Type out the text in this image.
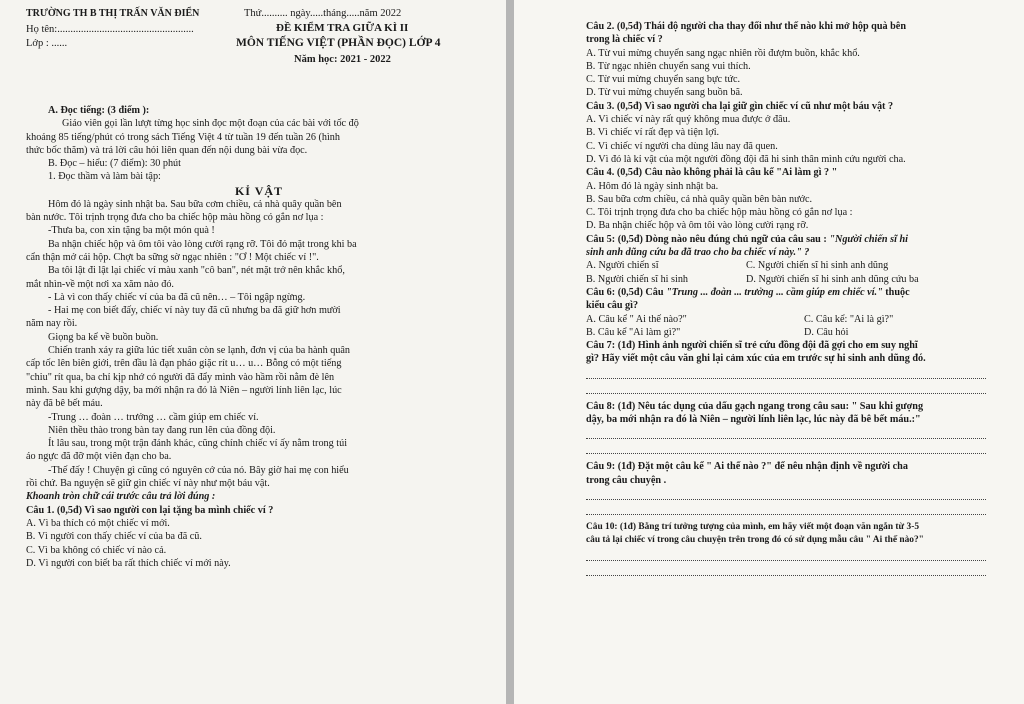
TRƯỜNG TH B THỊ TRẤN VĂN ĐIỂN	Thứ.......... ngày.....tháng.....năm 2022
Họ tên:....................................................
Lớp : ......
ĐỀ KIỂM TRA GIỮA KÌ II
MÔN TIẾNG VIỆT (PHẦN ĐỌC) LỚP 4
Năm học: 2021 - 2022
A. Đọc tiếng: (3 điểm ):
Giáo viên gọi lần lượt từng học sinh đọc một đoạn của các bài với tốc độ
khoảng 85 tiếng/phút có trong sách Tiếng Việt 4 từ tuần 19 đến tuần 26 (hình
thức bốc thăm) và trả lời câu hỏi liên quan đến nội dung bài vừa đọc.
B. Đọc – hiểu: (7 điểm): 30 phút
1. Đọc thầm và làm bài tập:
KỈ VẬT
Hôm đó là ngày sinh nhật ba. Sau bữa cơm chiều, cả nhà quây quần bên
bàn nước. Tôi trịnh trọng đưa cho ba chiếc hộp màu hồng có gắn nơ lụa :
-Thưa ba, con xin tặng ba một món quà !
Ba nhận chiếc hộp và ôm tôi vào lòng cười rạng rỡ. Tôi đỏ mặt trong khi ba
cẩn thận mở cái hộp. Chợt ba sững sờ ngạc nhiên : "Ơ ! Một chiếc ví !".
Ba tôi lật đi lật lại chiếc ví màu xanh "cô ban", nét mặt trở nên khắc khổ,
mắt nhìn-về một nơi xa xăm nào đó.
- Là vì con thấy chiếc ví của ba đã cũ nên… – Tôi ngập ngừng.
- Hai mẹ con biết đấy, chiếc ví này tuy đã cũ nhưng ba đã giữ hơn mười
năm nay rồi.
Giọng ba kể về buồn buồn.
Chiến tranh xảy ra giữa lúc tiết xuân còn se lạnh, đơn vị của ba hành quân
cấp tốc lên biên giới, trên đầu là đạn pháo giặc rít u… u… Bỗng có một tiếng
"chiu" rít qua, ba chỉ kịp nhớ có người đã đẩy mình vào hầm rồi nằm đè lên
mình. Sau khi gượng dậy, ba mới nhận ra đó là Niên – người lính liên lạc, lúc
này đã bê bết máu.
-Trung … đoàn … trưởng … cầm giúp em chiếc ví.
Niên thều thào trong bàn tay đang run lên của đồng đội.
Ít lâu sau, trong một trận đánh khác, cũng chính chiếc ví ấy nằm trong túi
áo ngực đã đỡ một viên đạn cho ba.
-Thế đấy ! Chuyện gì cũng có nguyên cớ của nó. Bây giờ hai mẹ con hiểu
rồi chứ. Ba nguyện sẽ giữ gìn chiếc ví này như một báu vật.
Khoanh tròn chữ cái trước câu trả lời đúng :
Câu 1. (0,5đ) Vì sao người con lại tặng ba mình chiếc ví ?
A. Vì ba thích có một chiếc ví mới.
B. Vì người con thấy chiếc ví của ba đã cũ.
C. Vì ba không có chiếc ví nào cả.
D. Vì người con biết ba rất thích chiếc ví mới này.
Câu 2. (0,5đ) Thái độ người cha thay đổi như thế nào khi mở hộp quà bên
trong là chiếc ví ?
A. Từ vui mừng chuyển sang ngạc nhiên rồi đượm buồn, khắc khổ.
B. Từ ngạc nhiên chuyển sang vui thích.
C. Từ vui mừng chuyển sang bực tức.
D. Từ vui mừng chuyển sang buồn bã.
Câu 3. (0,5đ) Vì sao người cha lại giữ gìn chiếc ví cũ như một báu vật ?
A. Vì chiếc ví này rất quý không mua được ở đâu.
B. Vì chiếc ví rất đẹp và tiện lợi.
C. Vì chiếc ví người cha dùng lâu nay đã quen.
D. Vì đó là kỉ vật của một người đồng đội đã hi sinh thân mình cứu người cha.
Câu 4. (0,5đ) Câu nào không phải là câu kể "Ai làm gì ? "
A. Hôm đó là ngày sinh nhật ba.
B. Sau bữa cơm chiều, cả nhà quây quần bên bàn nước.
C. Tôi trịnh trọng đưa cho ba chiếc hộp màu hồng có gắn nơ lụa :
D. Ba nhận chiếc hộp và ôm tôi vào lòng cười rạng rỡ.
Câu 5: (0,5đ) Dòng nào nêu đúng chủ ngữ của câu sau : "Người chiến sĩ hi
sinh anh dũng cứu ba đã trao cho ba chiếc ví này." ?
A. Người chiến sĩ	C. Người chiến sĩ hi sinh anh dũng
B. Người chiến sĩ hi sinh	D. Người chiến sĩ hi sinh anh dũng cứu ba
Câu 6: (0,5đ) Câu "Trung ... đoàn ... trưởng ... cầm giúp em chiếc ví." thuộc
kiểu câu gì?
A. Câu kể " Ai thế nào?"	C. Câu kể: "Ai là gì?"
B. Câu kể "Ai làm gì?"	D. Câu hỏi
Câu 7: (1đ) Hình ảnh người chiến sĩ trẻ cứu đồng đội đã gợi cho em suy nghĩ
gì? Hãy viết một câu văn ghi lại cảm xúc của em trước sự hi sinh anh dũng đó.
Câu 8: (1đ) Nêu tác dụng của dấu gạch ngang trong câu sau: " Sau khi gượng
dậy, ba mới nhận ra đó là Niên – người lính liên lạc, lúc này đã bê bết máu.:"
Câu 9: (1đ) Đặt một câu kể " Ai thế nào ?" để nêu nhận định về người cha
trong câu chuyện .
Câu 10: (1đ) Bằng trí tưởng tượng của mình, em hãy viết một đoạn văn ngắn từ 3-5
câu tả lại chiếc ví trong câu chuyện trên trong đó có sử dụng mẫu câu " Ai thế nào?"
